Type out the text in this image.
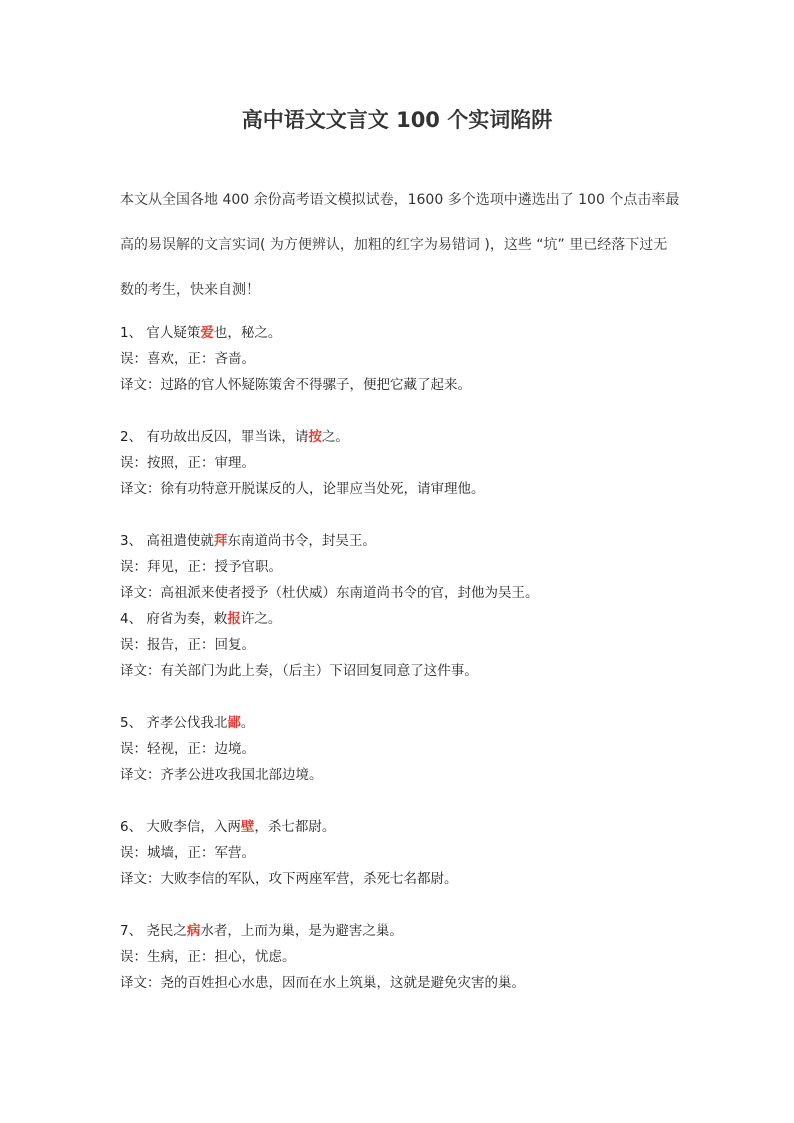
高中语文文言文 100 个实词陷阱

本文从全国各地 400 余份高考语文模拟试卷，1600 多个选项中遴选出了 100 个点击率最高的易误解的文言实词( 为方便辨认，加粗的红字为易错词 )，这些 “坑” 里已经落下过无数的考生，快来自测！

1、 官人疑策爱也，秘之。
误：喜欢，正：吝啬。
译文：过路的官人怀疑陈策舍不得骡子，便把它藏了起来。
2、 有功故出反囚，罪当诛，请按之。
误：按照，正：审理。
译文：徐有功特意开脱谋反的人，论罪应当处死，请审理他。
3、 高祖遣使就拜东南道尚书令，封吴王。
误：拜见，正：授予官职。
译文：高祖派来使者授予（杜伏威）东南道尚书令的官，封他为吴王。
4、 府省为奏，敕报许之。
误：报告，正：回复。
译文：有关部门为此上奏，（后主）下诏回复同意了这件事。
5、 齐孝公伐我北鄙。
误：轻视，正：边境。
译文：齐孝公进攻我国北部边境。
6、 大败李信，入两壁，杀七都尉。
误：城墙，正：军营。
译文：大败李信的军队，攻下两座军营，杀死七名都尉。
7、 尧民之病水者，上而为巢，是为避害之巢。
误：生病，正：担心，忧虑。
译文：尧的百姓担心水患，因而在水上筑巢，这就是避免灾害的巢。
